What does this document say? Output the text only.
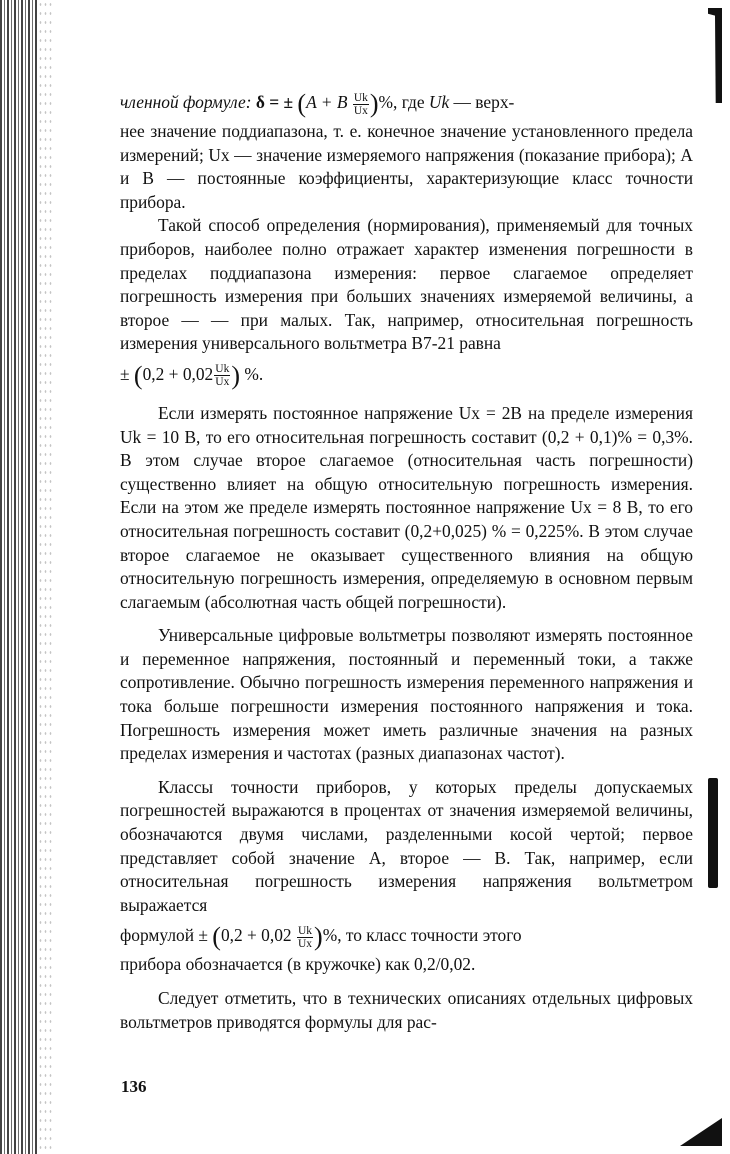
членной формуле: δ = ± (A + B $\frac{Uk}{Ux}$ )%, где Uk — верх-

нее значение поддиапазона, т. е. конечное значение установленного предела измерений; Ux — значение измеряемого напряжения (показание прибора); A и B — постоянные коэффициенты, характеризующие класс точности прибора.

Такой способ определения (нормирования), применяемый для точных приборов, наиболее полно отражает характер изменения погрешности в пределах поддиапазона измерения: первое слагаемое определяет погрешность измерения при больших значениях измеряемой величины, а второе — — при малых. Так, например, относительная погрешность измерения универсального вольтметра В7-21 равна

± ($0,2 + 0,02 \frac{Uk}{Ux}$ ) %.

Если измерять постоянное напряжение Ux = 2В на пределе измерения Uk = 10 В, то его относительная погрешность составит (0,2 + 0,1)% = 0,3%. В этом случае второе слагаемое (относительная часть погрешности) существенно влияет на общую относительную погрешность измерения. Если на этом же пределе измерять постоянное напряжение Ux = 8 В, то его относительная погрешность составит (0,2+0,025) % = 0,225%. В этом случае второе слагаемое не оказывает существенного влияния на общую относительную погрешность измерения, определяемую в основном первым слагаемым (абсолютная часть общей погрешности).

Универсальные цифровые вольтметры позволяют измерять постоянное и переменное напряжения, постоянный и переменный токи, а также сопротивление. Обычно погрешность измерения переменного напряжения и тока больше погрешности измерения постоянного напряжения и тока. Погрешность измерения может иметь различные значения на разных пределах измерения и частотах (разных диапазонах частот).

Классы точности приборов, у которых пределы допускаемых погрешностей выражаются в процентах от значения измеряемой величины, обозначаются двумя числами, разделенными косой чертой; первое представляет собой значение A, второе — B. Так, например, если относительная погрешность измерения напряжения вольтметром выражается

формулой ± ($0,2 + 0,02 \frac{Uk}{Ux}$ )%, то класс точности этого

прибора обозначается (в кружочке) как 0,2/0,02.

Следует отметить, что в технических описаниях отдельных цифровых вольтметров приводятся формулы для рас-

136
